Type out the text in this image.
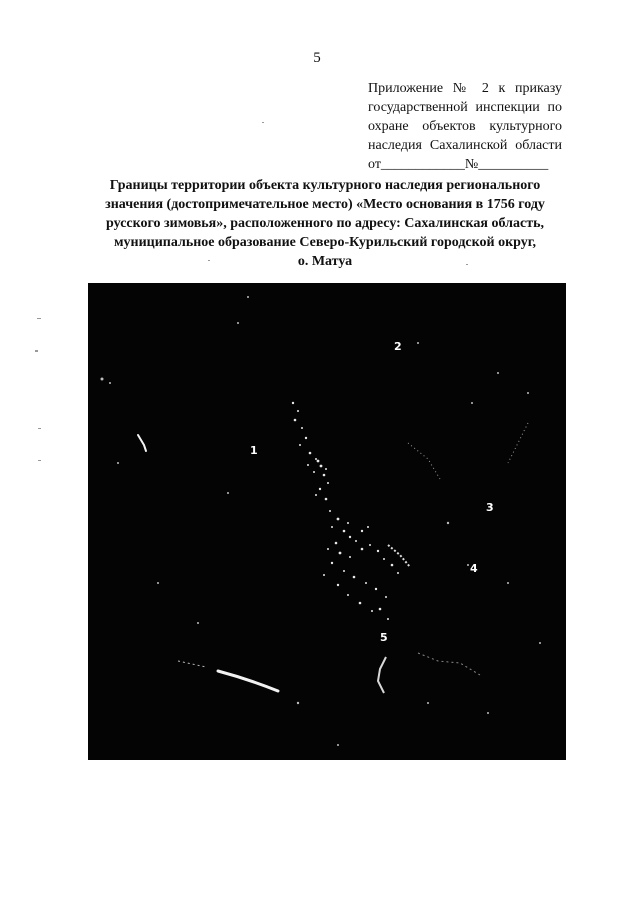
5
Приложение № 2 к приказу
государственной инспекции по
охране объектов культурного
наследия Сахалинской области
от____________№__________
Границы территории объекта культурного наследия регионального
значения (достопримечательное место) «Место основания в 1756 году
русского зимовья», расположенного по адресу: Сахалинская область,
муниципальное образование Северо-Курильский городской округ,
о. Матуа
2
1
3
4
5
